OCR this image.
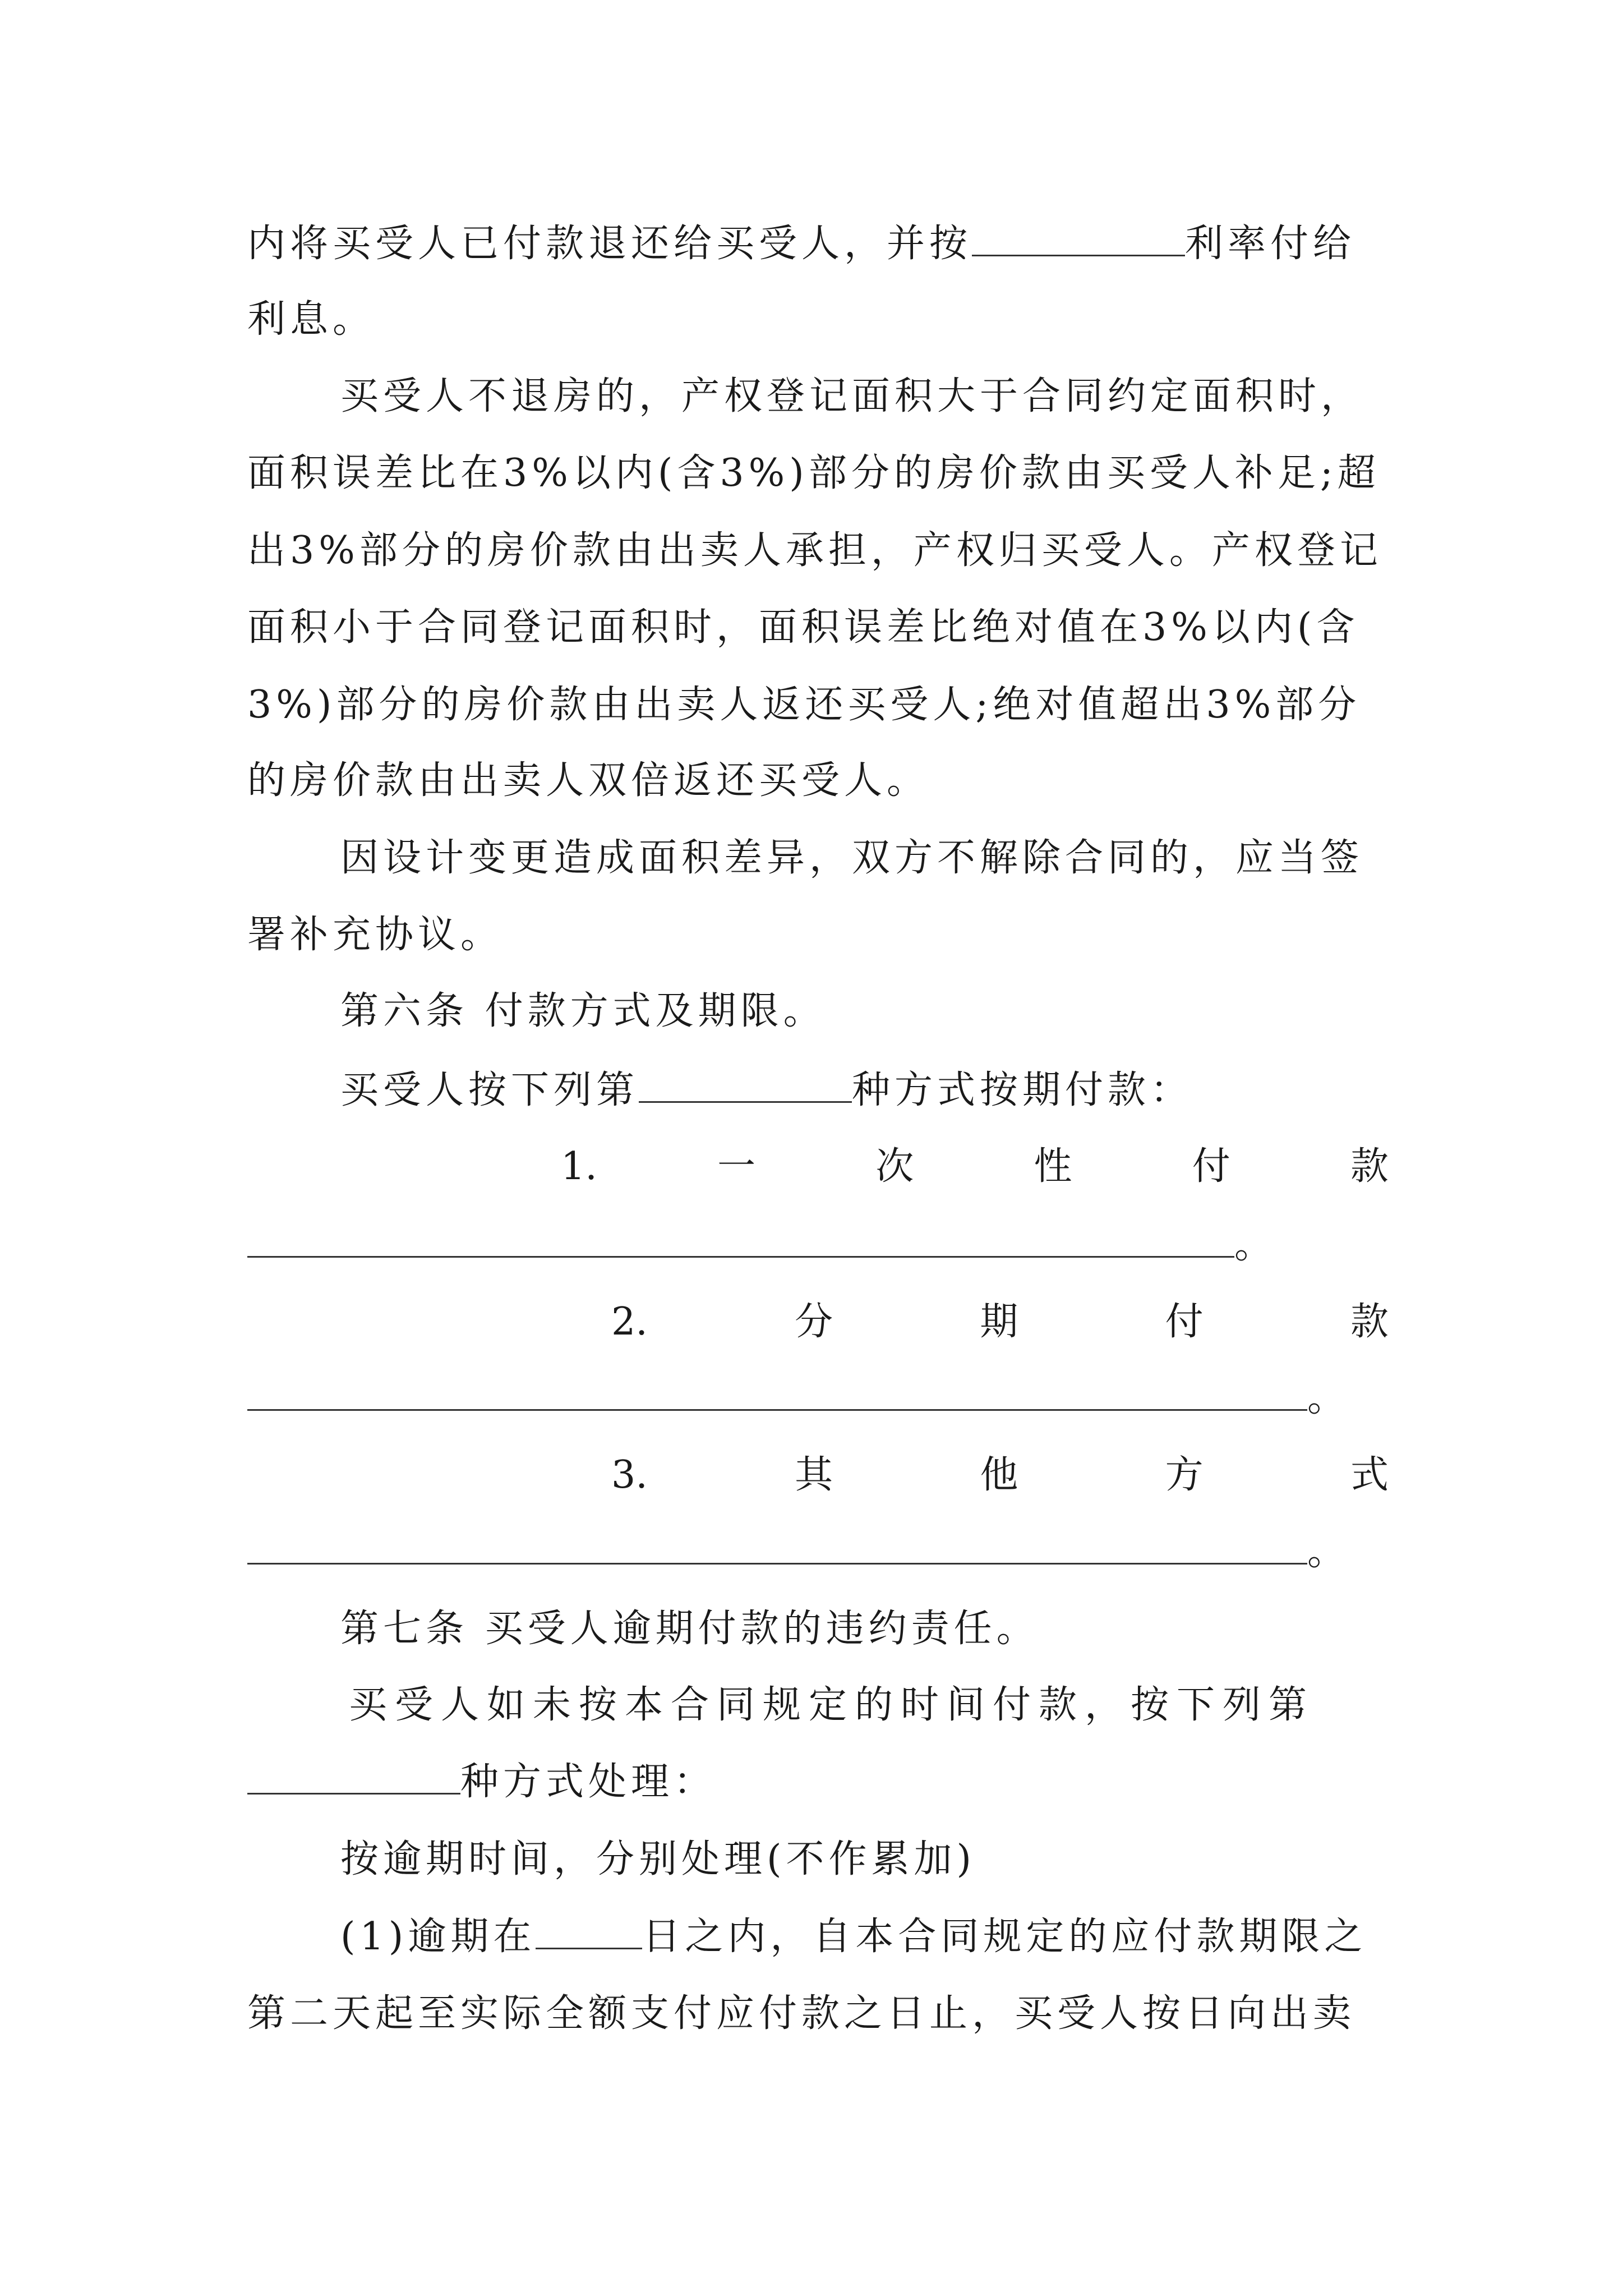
内将买受人已付款退还给买受人，并按	利率付给
利息。
买受人不退房的，产权登记面积大于合同约定面积时，
面积误差比在3%以内(含3%)部分的房价款由买受人补足;超
出3%部分的房价款由出卖人承担，产权归买受人。产权登记
面积小于合同登记面积时，面积误差比绝对值在3%以内(含
3%)部分的房价款由出卖人返还买受人;绝对值超出3%部分
的房价款由出卖人双倍返还买受人。
因设计变更造成面积差异，双方不解除合同的，应当签
署补充协议。
第六条 付款方式及期限。
买受人按下列第	种方式按期付款：
1.	一	次	性	付	款
。
2.	分	期	付	款
。
3.	其	他	方	式
。
第七条 买受人逾期付款的违约责任。
买受人如未按本合同规定的时间付款，按下列第
种方式处理：
按逾期时间，分别处理(不作累加)
(1)逾期在	日之内，自本合同规定的应付款期限之
第二天起至实际全额支付应付款之日止，买受人按日向出卖
